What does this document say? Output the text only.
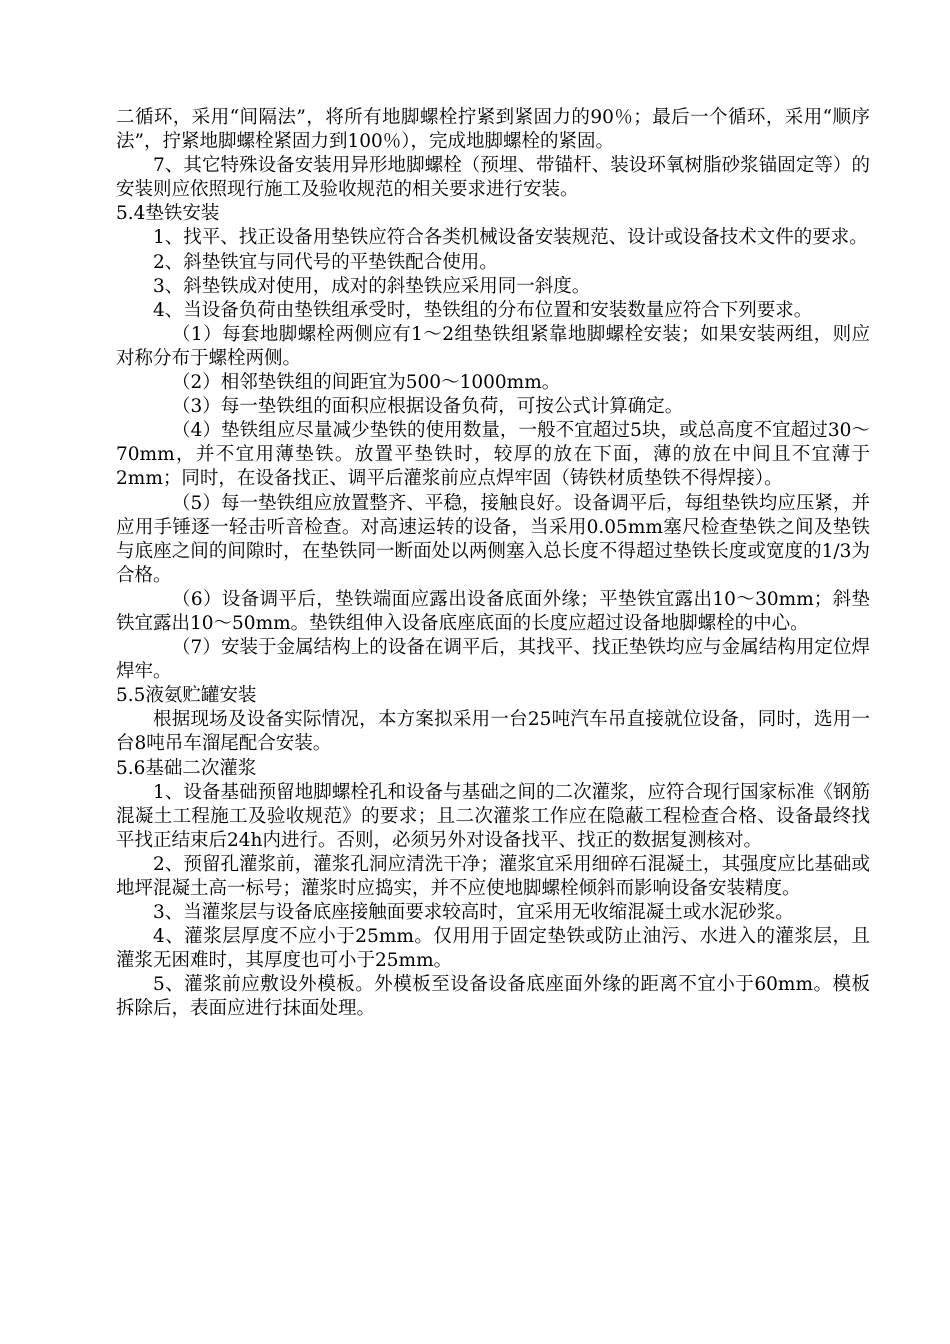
二循环，采用“间隔法”，将所有地脚螺栓拧紧到紧固力的90％；最后一个循环，采用“顺序法”，拧紧地脚螺栓紧固力到100％），完成地脚螺栓的紧固。

7、其它特殊设备安装用异形地脚螺栓（预埋、带锚杆、装设环氧树脂砂浆锚固定等）的安装则应依照现行施工及验收规范的相关要求进行安装。

5.4垫铁安装

1、找平、找正设备用垫铁应符合各类机械设备安装规范、设计或设备技术文件的要求。

2、斜垫铁宜与同代号的平垫铁配合使用。

3、斜垫铁成对使用，成对的斜垫铁应采用同一斜度。

4、当设备负荷由垫铁组承受时，垫铁组的分布位置和安装数量应符合下列要求。

（1）每套地脚螺栓两侧应有1～2组垫铁组紧靠地脚螺栓安装；如果安装两组，则应对称分布于螺栓两侧。

（2）相邻垫铁组的间距宜为500～1000mm。

（3）每一垫铁组的面积应根据设备负荷，可按公式计算确定。

（4）垫铁组应尽量减少垫铁的使用数量，一般不宜超过5块，或总高度不宜超过30～70mm，并不宜用薄垫铁。放置平垫铁时，较厚的放在下面，薄的放在中间且不宜薄于2mm；同时，在设备找正、调平后灌浆前应点焊牢固（铸铁材质垫铁不得焊接）。

（5）每一垫铁组应放置整齐、平稳，接触良好。设备调平后，每组垫铁均应压紧，并应用手锤逐一轻击听音检查。对高速运转的设备，当采用0.05mm塞尺检查垫铁之间及垫铁与底座之间的间隙时，在垫铁同一断面处以两侧塞入总长度不得超过垫铁长度或宽度的1/3为合格。

（6）设备调平后，垫铁端面应露出设备底面外缘；平垫铁宜露出10～30mm；斜垫铁宜露出10～50mm。垫铁组伸入设备底座底面的长度应超过设备地脚螺栓的中心。

（7）安装于金属结构上的设备在调平后，其找平、找正垫铁均应与金属结构用定位焊焊牢。

5.5液氨贮罐安装

根据现场及设备实际情况，本方案拟采用一台25吨汽车吊直接就位设备，同时，选用一台8吨吊车溜尾配合安装。

5.6基础二次灌浆

1、设备基础预留地脚螺栓孔和设备与基础之间的二次灌浆，应符合现行国家标准《钢筋混凝土工程施工及验收规范》的要求；且二次灌浆工作应在隐蔽工程检查合格、设备最终找平找正结束后24h内进行。否则，必须另外对设备找平、找正的数据复测核对。

2、预留孔灌浆前，灌浆孔洞应清洗干净；灌浆宜采用细碎石混凝土，其强度应比基础或地坪混凝土高一标号；灌浆时应捣实，并不应使地脚螺栓倾斜而影响设备安装精度。

3、当灌浆层与设备底座接触面要求较高时，宜采用无收缩混凝土或水泥砂浆。

4、灌浆层厚度不应小于25mm。仅用用于固定垫铁或防止油污、水进入的灌浆层，且灌浆无困难时，其厚度也可小于25mm。

5、灌浆前应敷设外模板。外模板至设备设备底座面外缘的距离不宜小于60mm。模板拆除后，表面应进行抹面处理。
